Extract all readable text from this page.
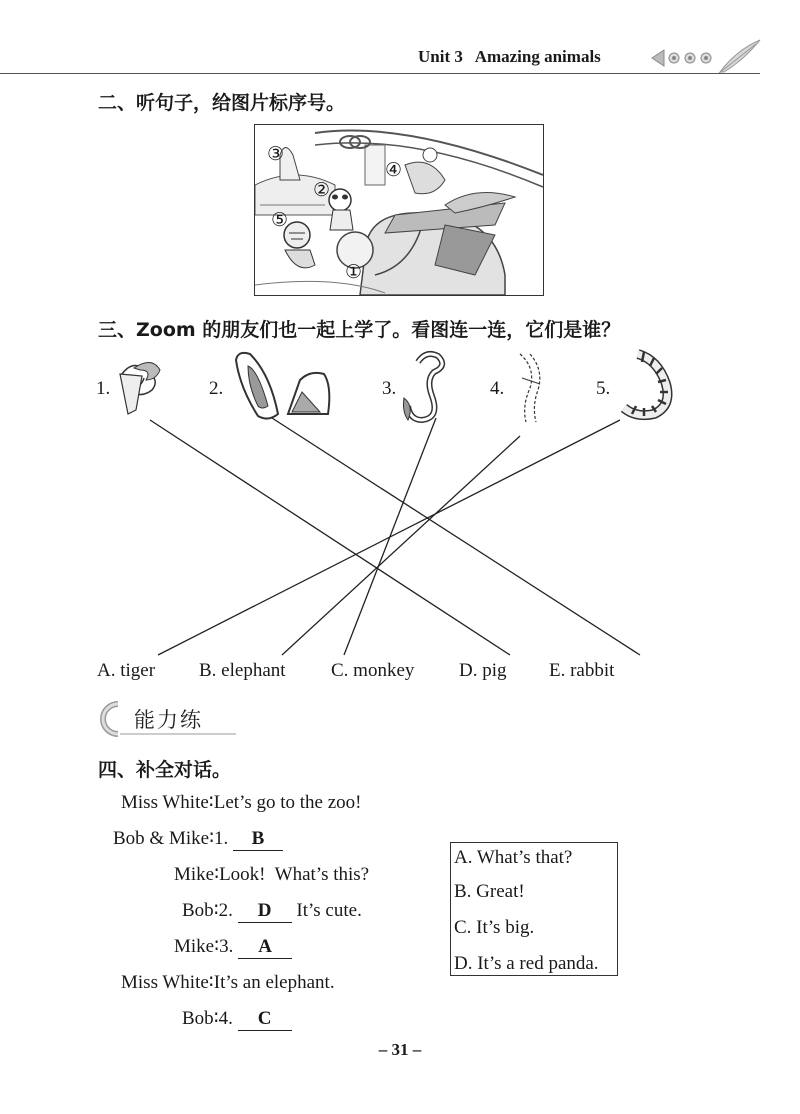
Unit 3 Amazing animals
二、听句子，给图片标序号。
③
④
②
⑤
①
三、Zoom 的朋友们也一起上学了。看图连一连，它们是谁？
1.	2.	3.	4.	5.
A. tiger B. elephant C. monkey D. pig E. rabbit
能力练
四、补全对话。
Miss White∶Let’s go to the zoo!
Bob & Mike∶1. B
Mike∶Look!  What’s this?
Bob∶2. D It’s cute.
Mike∶3. A
Miss White∶It’s an elephant.
Bob∶4. C
A. What’s that?
B. Great!
C. It’s big.
D. It’s a red panda.
– 31 –
